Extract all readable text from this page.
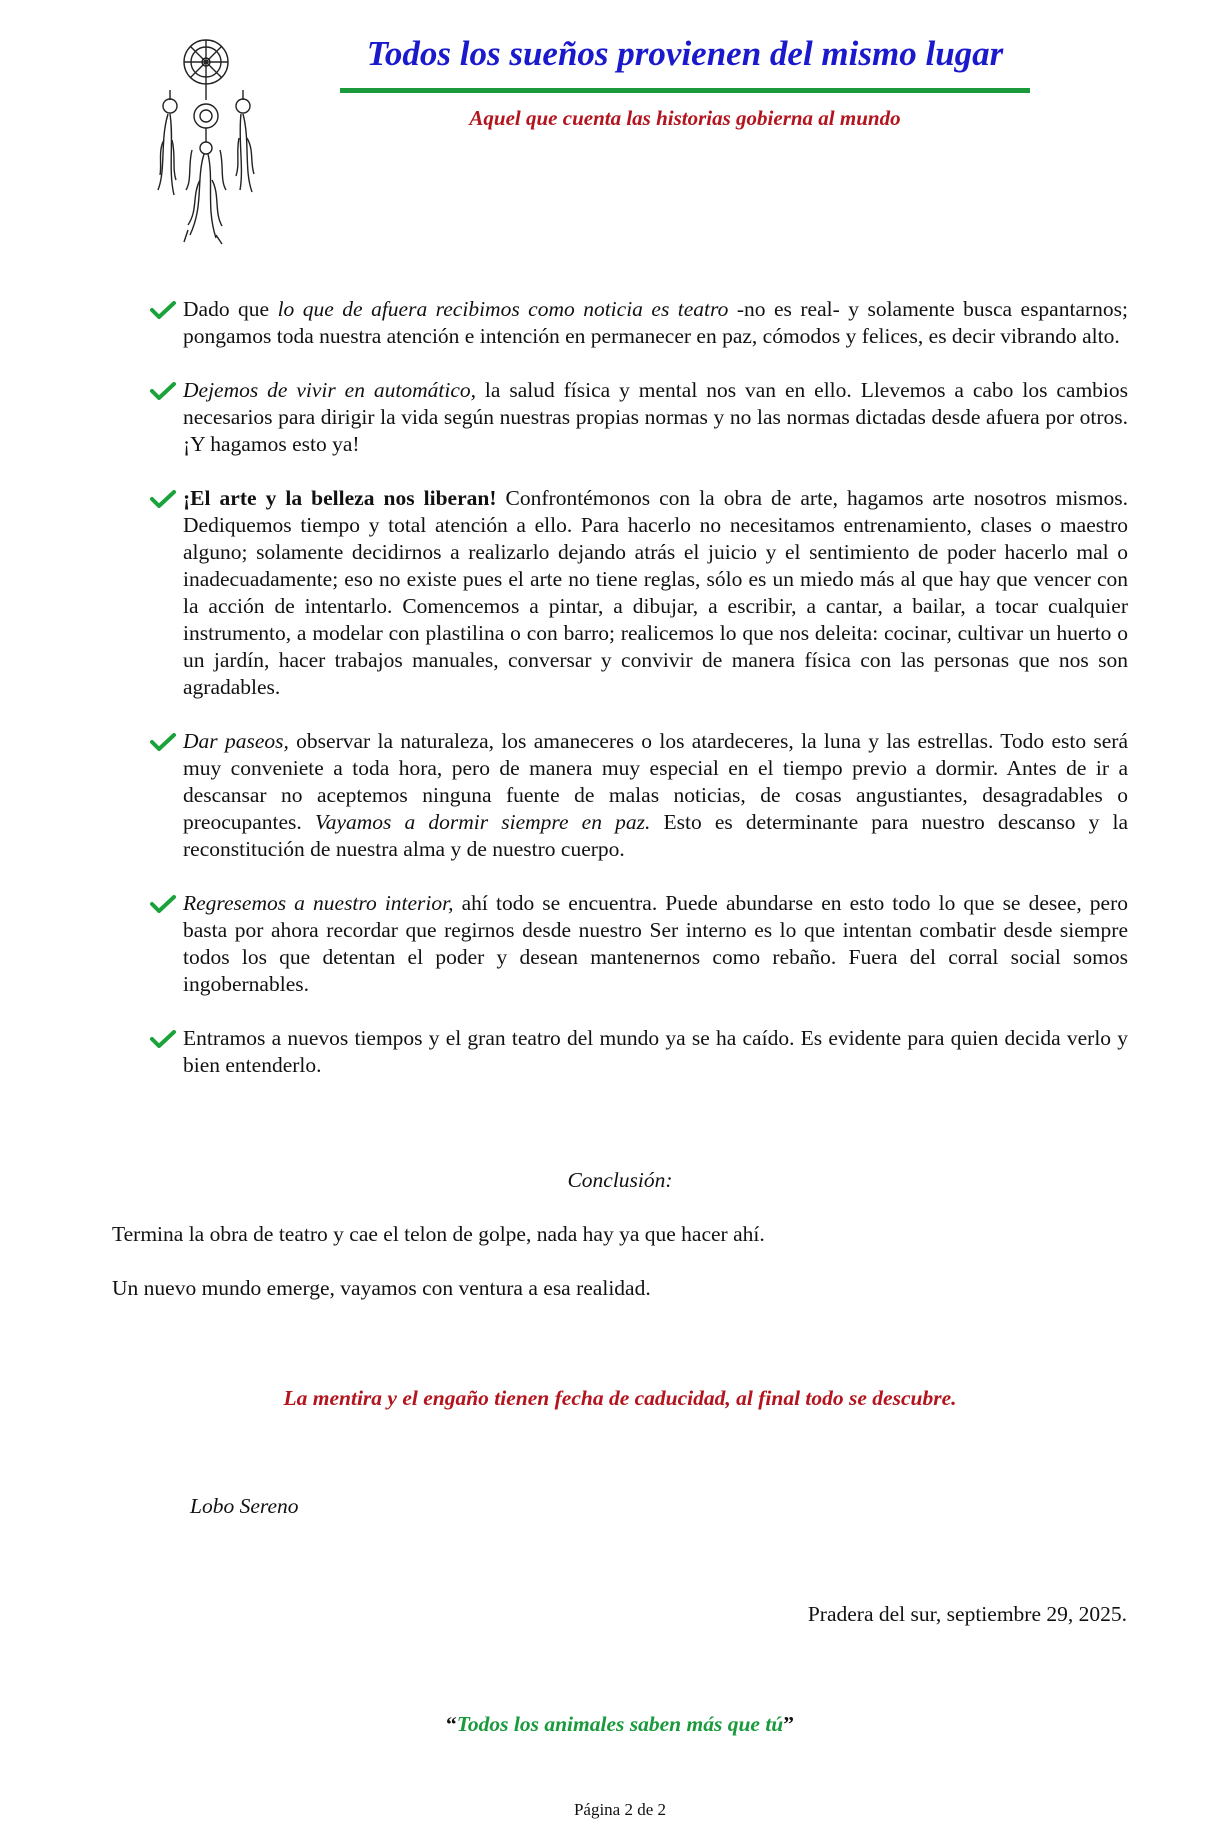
Todos los sueños provienen del mismo lugar
Aquel que cuenta las historias gobierna al mundo
Dado que lo que de afuera recibimos como noticia es teatro -no es real- y solamente busca espantarnos; pongamos toda nuestra atención e intención en permanecer en paz, cómodos y felices, es decir vibrando alto.
Dejemos de vivir en automático, la salud física y mental nos van en ello. Llevemos a cabo los cambios necesarios para dirigir la vida según nuestras propias normas y no las normas dictadas desde afuera por otros. ¡Y hagamos esto ya!
¡El arte y la belleza nos liberan! Confrontémonos con la obra de arte, hagamos arte nosotros mismos. Dediquemos tiempo y total atención a ello. Para hacerlo no necesitamos entrenamiento, clases o maestro alguno; solamente decidirnos a realizarlo dejando atrás el juicio y el sentimiento de poder hacerlo mal o inadecuadamente; eso no existe pues el arte no tiene reglas, sólo es un miedo más al que hay que vencer con la acción de intentarlo. Comencemos a pintar, a dibujar, a escribir, a cantar, a bailar, a tocar cualquier instrumento, a modelar con plastilina o con barro; realicemos lo que nos deleita: cocinar, cultivar un huerto o un jardín, hacer trabajos manuales, conversar y convivir de manera física con las personas que nos son agradables.
Dar paseos, observar la naturaleza, los amaneceres o los atardeceres, la luna y las estrellas. Todo esto será muy conveniete a toda hora, pero de manera muy especial en el tiempo previo a dormir. Antes de ir a descansar no aceptemos ninguna fuente de malas noticias, de cosas angustiantes, desagradables o preocupantes. Vayamos a dormir siempre en paz. Esto es determinante para nuestro descanso y la reconstitución de nuestra alma y de nuestro cuerpo.
Regresemos a nuestro interior, ahí todo se encuentra. Puede abundarse en esto todo lo que se desee, pero basta por ahora recordar que regirnos desde nuestro Ser interno es lo que intentan combatir desde siempre todos los que detentan el poder y desean mantenernos como rebaño. Fuera del corral social somos ingobernables.
Entramos a nuevos tiempos y el gran teatro del mundo ya se ha caído. Es evidente para quien decida verlo y bien entenderlo.
Conclusión:
Termina la obra de teatro y cae el telon de golpe, nada hay ya que hacer ahí.
Un nuevo mundo emerge, vayamos con ventura a esa realidad.
La mentira y el engaño tienen fecha de caducidad, al final todo se descubre.
Lobo Sereno
Pradera del sur, septiembre 29, 2025.
“Todos los animales saben más que tú”
Página 2 de 2
